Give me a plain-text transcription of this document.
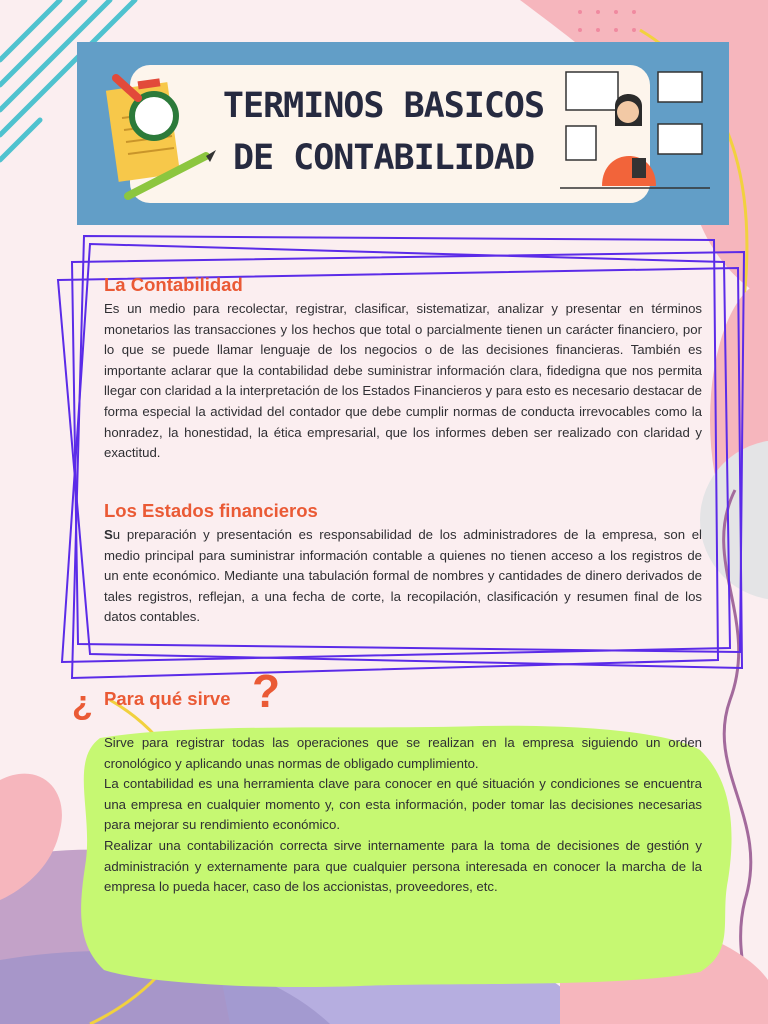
TERMINOS BASICOS
DE CONTABILIDAD
La Contabilidad
Es un medio para recolectar, registrar, clasificar, sistematizar, analizar y presentar en términos monetarios las transacciones y los hechos que total o parcialmente tienen un carácter financiero, por lo que se puede llamar lenguaje de los negocios o de las decisiones financieras. También es importante aclarar que la contabilidad debe suministrar información clara, fidedigna que nos permita llegar con claridad a la interpretación de los Estados Financieros y para esto es necesario destacar de forma especial la actividad del contador que debe cumplir normas de conducta irrevocables como la honradez, la honestidad, la ética empresarial, que los informes deben ser realizado con claridad y exactitud.
Los Estados financieros
Su preparación y presentación es responsabilidad de los administradores de la empresa, son el medio principal para suministrar información contable a quienes no tienen acceso a los registros de un ente económico. Mediante una tabulación formal de nombres y cantidades de dinero derivados de tales registros, reflejan, a una fecha de corte, la recopilación, clasificación y resumen final de los datos contables.
¿ Para qué sirve ?
Sirve para registrar todas las operaciones que se realizan en la empresa siguiendo un orden cronológico y aplicando unas normas de obligado cumplimiento.
La contabilidad es una herramienta clave para conocer en qué situación y condiciones se encuentra una empresa en cualquier momento y, con esta información, poder tomar las decisiones necesarias para mejorar su rendimiento económico.
Realizar una contabilización correcta sirve internamente para la toma de decisiones de gestión y administración y externamente para que cualquier persona interesada en conocer la marcha de la empresa lo pueda hacer, caso de los accionistas, proveedores, etc.
